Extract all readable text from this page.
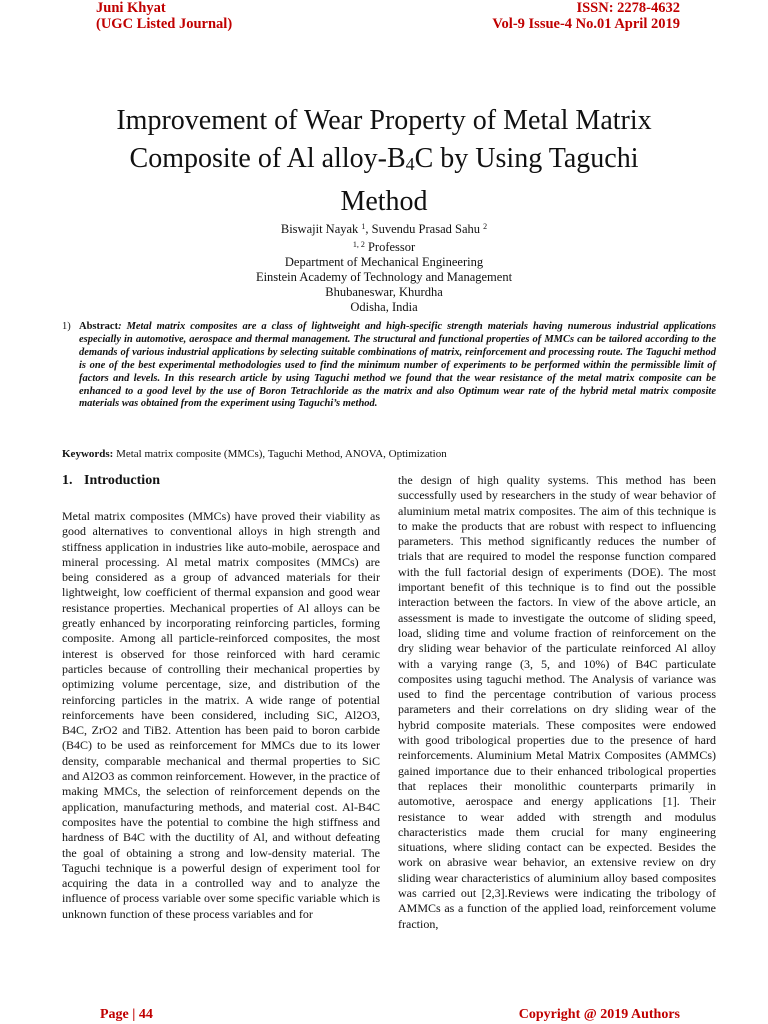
Juni Khyat
(UGC Listed Journal)
ISSN: 2278-4632
Vol-9 Issue-4 No.01 April 2019
Improvement of Wear Property of Metal Matrix
Composite of Al alloy-$B_4C$ by Using Taguchi
Method
Biswajit Nayak $^1$, Suvendu Prasad Sahu $^2$
$^{1, 2}$ Professor
Department of Mechanical Engineering
Einstein Academy of Technology and Management
Bhubaneswar, Khurdha
Odisha, India
1) Abstract: Metal matrix composites are a class of lightweight and high-specific strength materials having numerous industrial applications especially in automotive, aerospace and thermal management. The structural and functional properties of MMCs can be tailored according to the demands of various industrial applications by selecting suitable combinations of matrix, reinforcement and processing route. The Taguchi method is one of the best experimental methodologies used to find the minimum number of experiments to be performed within the permissible limit of factors and levels. In this research article by using Taguchi method we found that the wear resistance of the metal matrix composite can be enhanced to a good level by the use of Boron Tetrachloride as the matrix and also Optimum wear rate of the hybrid metal matrix composite materials was obtained from the experiment using Taguchi’s method.
Keywords: Metal matrix composite (MMCs), Taguchi Method, ANOVA, Optimization
1. Introduction

Metal matrix composites (MMCs) have proved their viability as good alternatives to conventional alloys in high strength and stiffness application in industries like auto-mobile, aerospace and mineral processing. Al metal matrix composites (MMCs) are being considered as a group of advanced materials for their lightweight, low coefficient of thermal expansion and good wear resistance properties. Mechanical properties of Al alloys can be greatly enhanced by incorporating reinforcing particles, forming composite. Among all particle-reinforced composites, the most interest is observed for those reinforced with hard ceramic particles because of controlling their mechanical properties by optimizing volume percentage, size, and distribution of the reinforcing particles in the matrix. A wide range of potential reinforcements have been considered, including SiC, Al2O3, B4C, ZrO2 and TiB2. Attention has been paid to boron carbide (B4C) to be used as reinforcement for MMCs due to its lower density, comparable mechanical and thermal properties to SiC and Al2O3 as common reinforcement. However, in the practice of making MMCs, the selection of reinforcement depends on the application, manufacturing methods, and material cost. Al-B4C composites have the potential to combine the high stiffness and hardness of B4C with the ductility of Al, and without defeating the goal of obtaining a strong and low-density material. The Taguchi technique is a powerful design of experiment tool for acquiring the data in a controlled way and to analyze the influence of process variable over some specific variable which is unknown function of these process variables and for

the design of high quality systems. This method has been successfully used by researchers in the study of wear behavior of aluminium metal matrix composites. The aim of this technique is to make the products that are robust with respect to influencing parameters. This method significantly reduces the number of trials that are required to model the response function compared with the full factorial design of experiments (DOE). The most important benefit of this technique is to find out the possible interaction between the factors. In view of the above article, an assessment is made to investigate the outcome of sliding speed, load, sliding time and volume fraction of reinforcement on the dry sliding wear behavior of the particulate reinforced Al alloy with a varying range (3, 5, and 10%) of B4C particulate composites using taguchi method. The Analysis of variance was used to find the percentage contribution of various process parameters and their correlations on dry sliding wear of the hybrid composite materials. These composites were endowed with good tribological properties due to the presence of hard reinforcements. Aluminium Metal Matrix Composites (AMMCs) gained importance due to their enhanced tribological properties that replaces their monolithic counterparts primarily in automotive, aerospace and energy applications [1]. Their resistance to wear added with strength and modulus characteristics made them crucial for many engineering situations, where sliding contact can be expected. Besides the work on abrasive wear behavior, an extensive review on dry sliding wear characteristics of aluminium alloy based composites was carried out [2,3].Reviews were indicating the tribology of AMMCs as a function of the applied load, reinforcement volume fraction,

Page | 44	Copyright @ 2019 Authors
